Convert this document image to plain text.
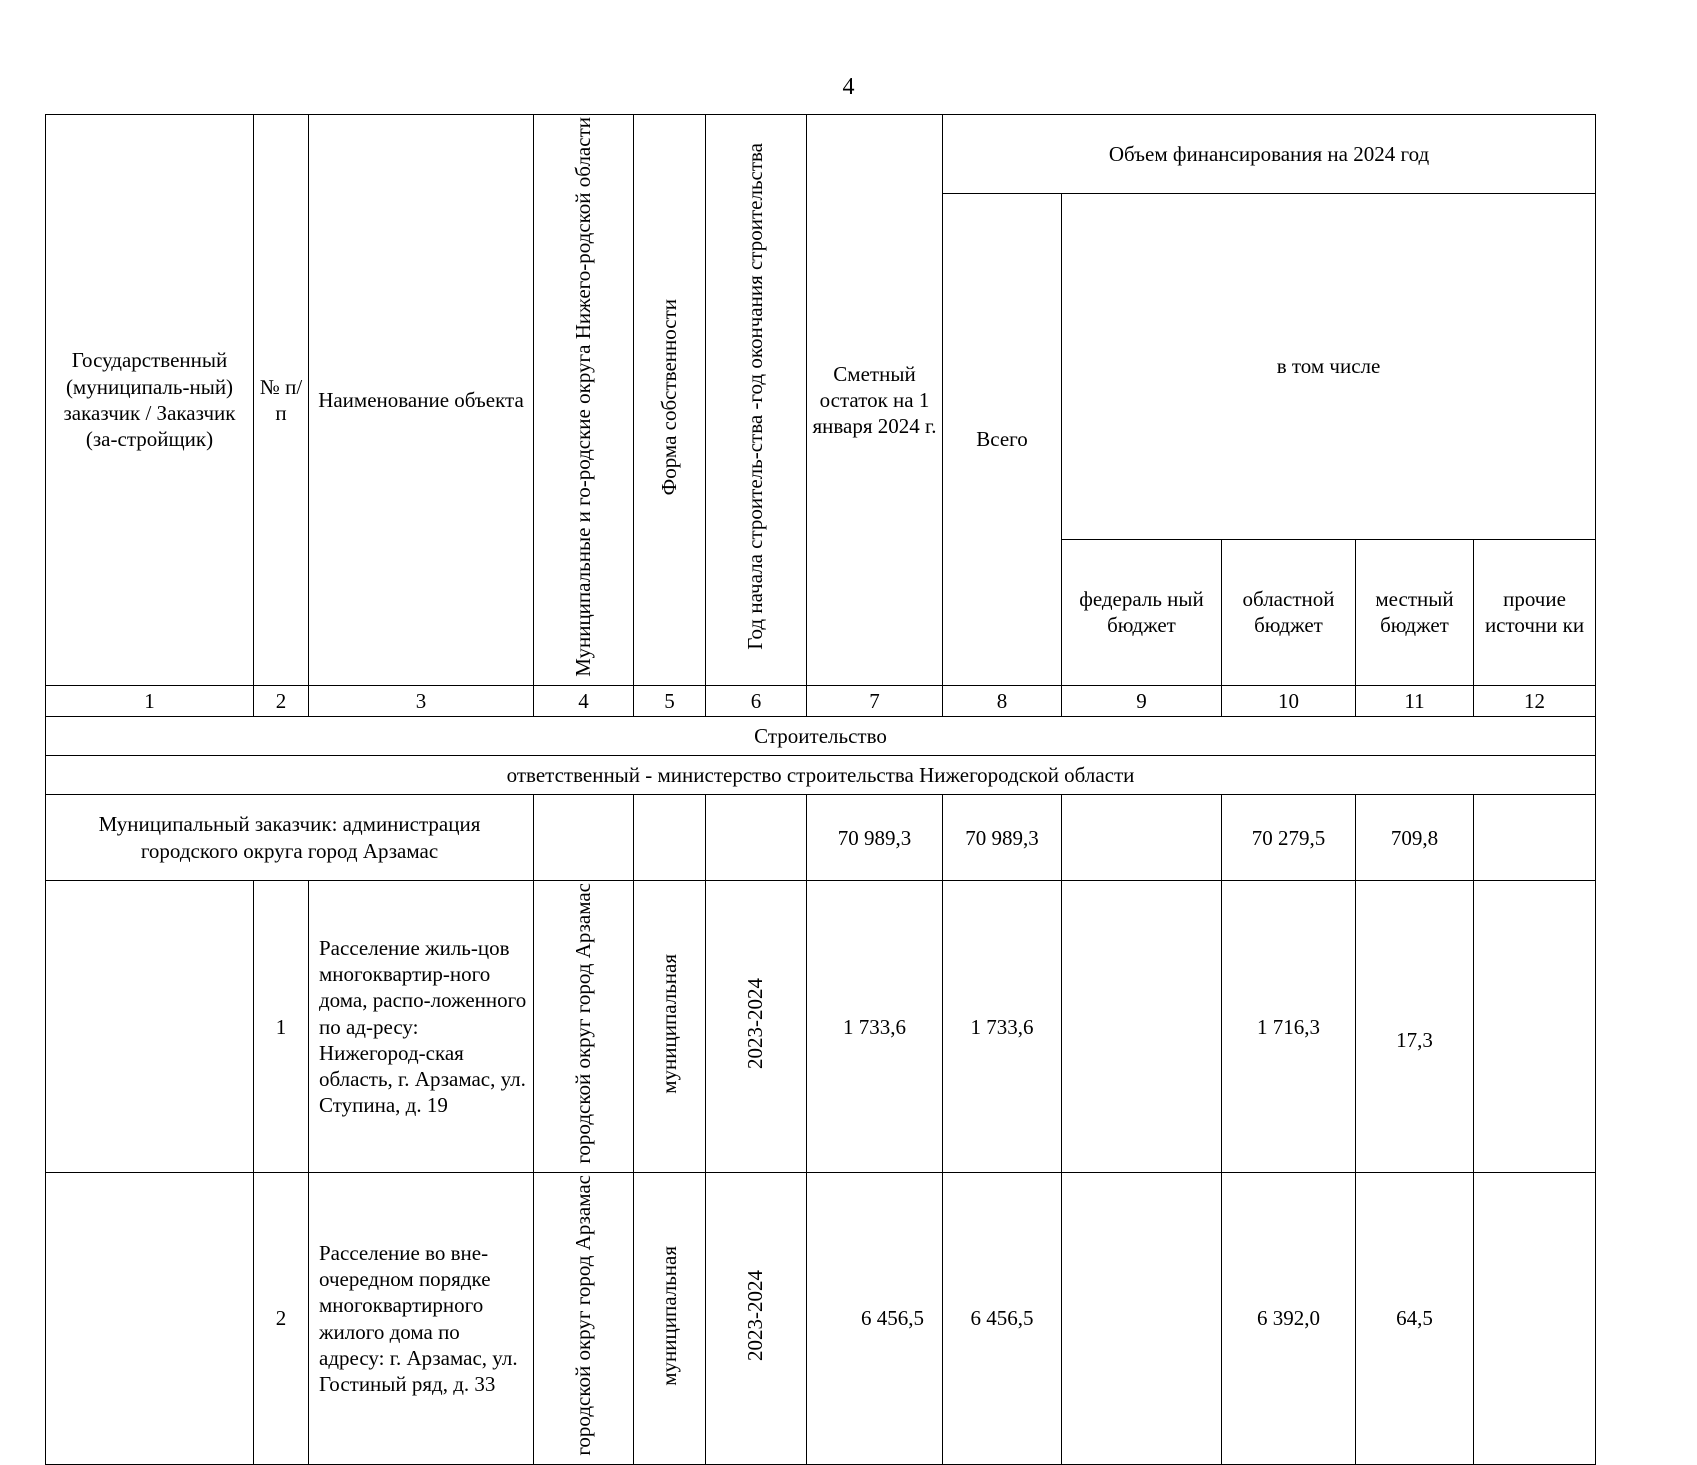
4
Государственный (муниципаль-ный) заказчик / Заказчик (за-стройщик)	№ п/п	Наименование объекта	Муниципальные и го-родские округа Нижего-родской области	Форма собственности	Год начала строитель-ства -год окончания строительства	Сметный остаток на 1 января 2024 г.	Объем финансирования на 2024 год				
							Всего	в том числе			
								федераль ный бюджет	областной бюджет	местный бюджет	прочие источни ки
1	2	3	4	5	6	7	8	9	10	11	12
Строительство											
ответственный - министерство строительства Нижегородской области											
Муниципальный заказчик: администрация городского округа город Арзамас						70 989,3	70 989,3		70 279,5	709,8	
	1	Расселение жиль-цов многоквартир-ного дома, распо-ложенного по ад-ресу: Нижегород-ская область, г. Арзамас, ул. Ступина, д. 19	городской округ город Арзамас	муниципальная	2023-2024	1 733,6	1 733,6		1 716,3	17,3	
	2	Расселение во вне-очередном порядке многоквартирного жилого дома по адресу: г. Арзамас, ул. Гостиный ряд, д. 33	городской округ город Арзамас	муниципальная	2023-2024	6 456,5	6 456,5		6 392,0	64,5	
